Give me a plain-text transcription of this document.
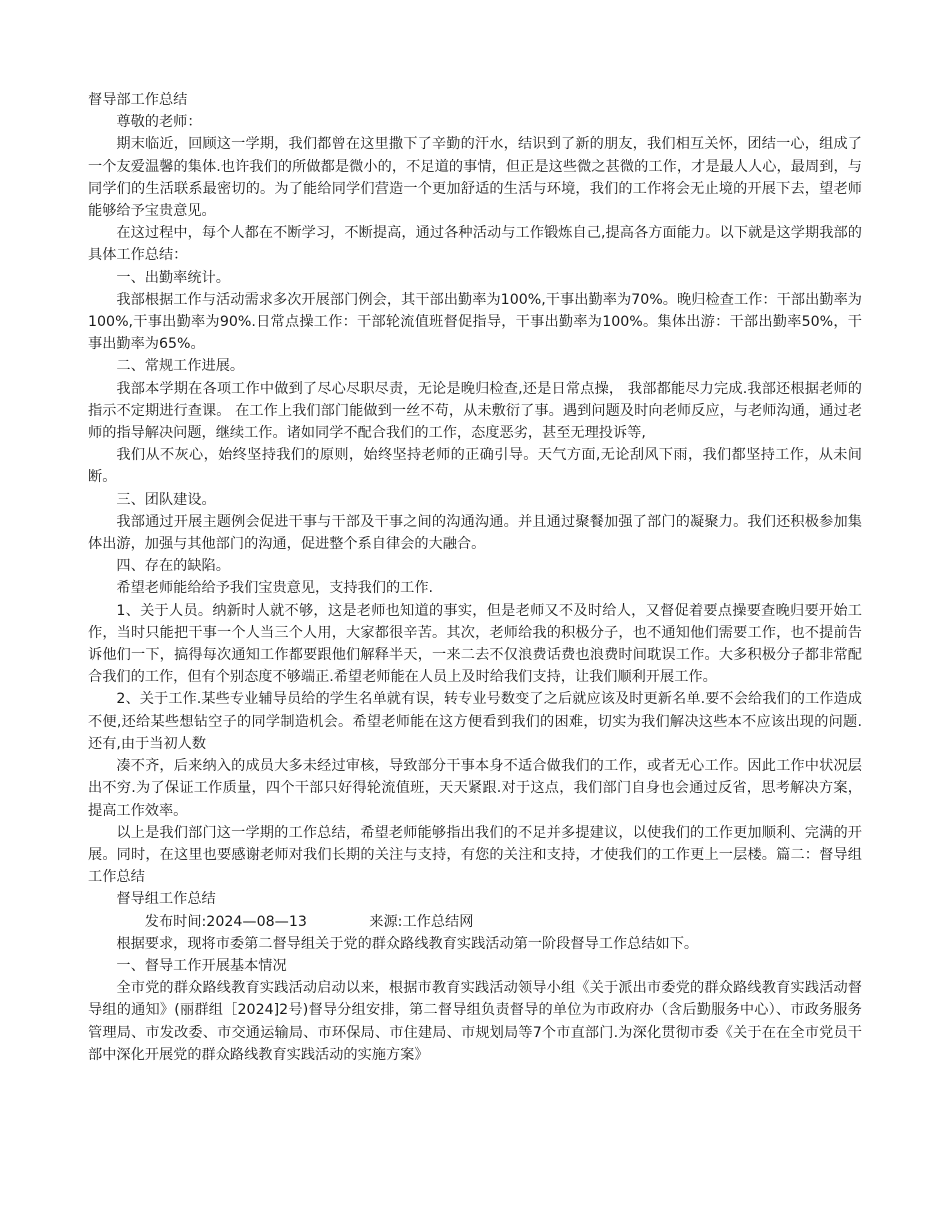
督导部工作总结

尊敬的老师：

期末临近，回顾这一学期，我们都曾在这里撒下了辛勤的汗水，结识到了新的朋友，我们相互关怀，团结一心，组成了一个友爱温馨的集体.也许我们的所做都是微小的，不足道的事情，但正是这些微之甚微的工作，才是最人人心，最周到，与同学们的生活联系最密切的。为了能给同学们营造一个更加舒适的生活与环境，我们的工作将会无止境的开展下去，望老师能够给予宝贵意见。

在这过程中，每个人都在不断学习，不断提高，通过各种活动与工作锻炼自己,提高各方面能力。以下就是这学期我部的具体工作总结：

一、出勤率统计。

我部根据工作与活动需求多次开展部门例会，其干部出勤率为100%,干事出勤率为70%。晚归检查工作：干部出勤率为100%,干事出勤率为90%.日常点操工作：干部轮流值班督促指导，干事出勤率为100%。集体出游：干部出勤率50%，干事出勤率为65%。

二、常规工作进展。

我部本学期在各项工作中做到了尽心尽职尽责，无论是晚归检查,还是日常点操， 我部都能尽力完成.我部还根据老师的指示不定期进行查课。 在工作上我们部门能做到一丝不苟，从未敷衍了事。遇到问题及时向老师反应，与老师沟通，通过老师的指导解决问题，继续工作。诸如同学不配合我们的工作，态度恶劣，甚至无理投诉等,

我们从不灰心，始终坚持我们的原则，始终坚持老师的正确引导。天气方面,无论刮风下雨，我们都坚持工作，从未间断。

三、团队建设。

我部通过开展主题例会促进干事与干部及干事之间的沟通沟通。并且通过聚餐加强了部门的凝聚力。我们还积极参加集体出游，加强与其他部门的沟通，促进整个系自律会的大融合。

四、存在的缺陷。

希望老师能给给予我们宝贵意见，支持我们的工作.

1、关于人员。纳新时人就不够，这是老师也知道的事实，但是老师又不及时给人，又督促着要点操要查晚归要开始工作，当时只能把干事一个人当三个人用，大家都很辛苦。其次，老师给我的积极分子，也不通知他们需要工作，也不提前告诉他们一下，搞得每次通知工作都要跟他们解释半天，一来二去不仅浪费话费也浪费时间耽误工作。大多积极分子都非常配合我们的工作，但有个别态度不够端正.希望老师能在人员上及时给我们支持，让我们顺利开展工作。

2、关于工作.某些专业辅导员给的学生名单就有误，转专业号数变了之后就应该及时更新名单.要不会给我们的工作造成不便,还给某些想钻空子的同学制造机会。希望老师能在这方便看到我们的困难，切实为我们解决这些本不应该出现的问题.还有,由于当初人数

凑不齐，后来纳入的成员大多未经过审核，导致部分干事本身不适合做我们的工作，或者无心工作。因此工作中状况层出不穷.为了保证工作质量，四个干部只好得轮流值班，天天紧跟.对于这点，我们部门自身也会通过反省，思考解决方案，提高工作效率。

以上是我们部门这一学期的工作总结，希望老师能够指出我们的不足并多提建议，以使我们的工作更加顺利、完满的开展。同时，在这里也要感谢老师对我们长期的关注与支持，有您的关注和支持，才使我们的工作更上一层楼。篇二：督导组工作总结

督导组工作总结

发布时间:2024—08—13	来源:工作总结网

根据要求，现将市委第二督导组关于党的群众路线教育实践活动第一阶段督导工作总结如下。

一、督导工作开展基本情况

全市党的群众路线教育实践活动启动以来，根据市教育实践活动领导小组《关于派出市委党的群众路线教育实践活动督导组的通知》(丽群组［2024]2号)督导分组安排，第二督导组负责督导的单位为市政府办（含后勤服务中心）、市政务服务管理局、市发改委、市交通运输局、市环保局、市住建局、市规划局等7个市直部门.为深化贯彻市委《关于在在全市党员干部中深化开展党的群众路线教育实践活动的实施方案》
